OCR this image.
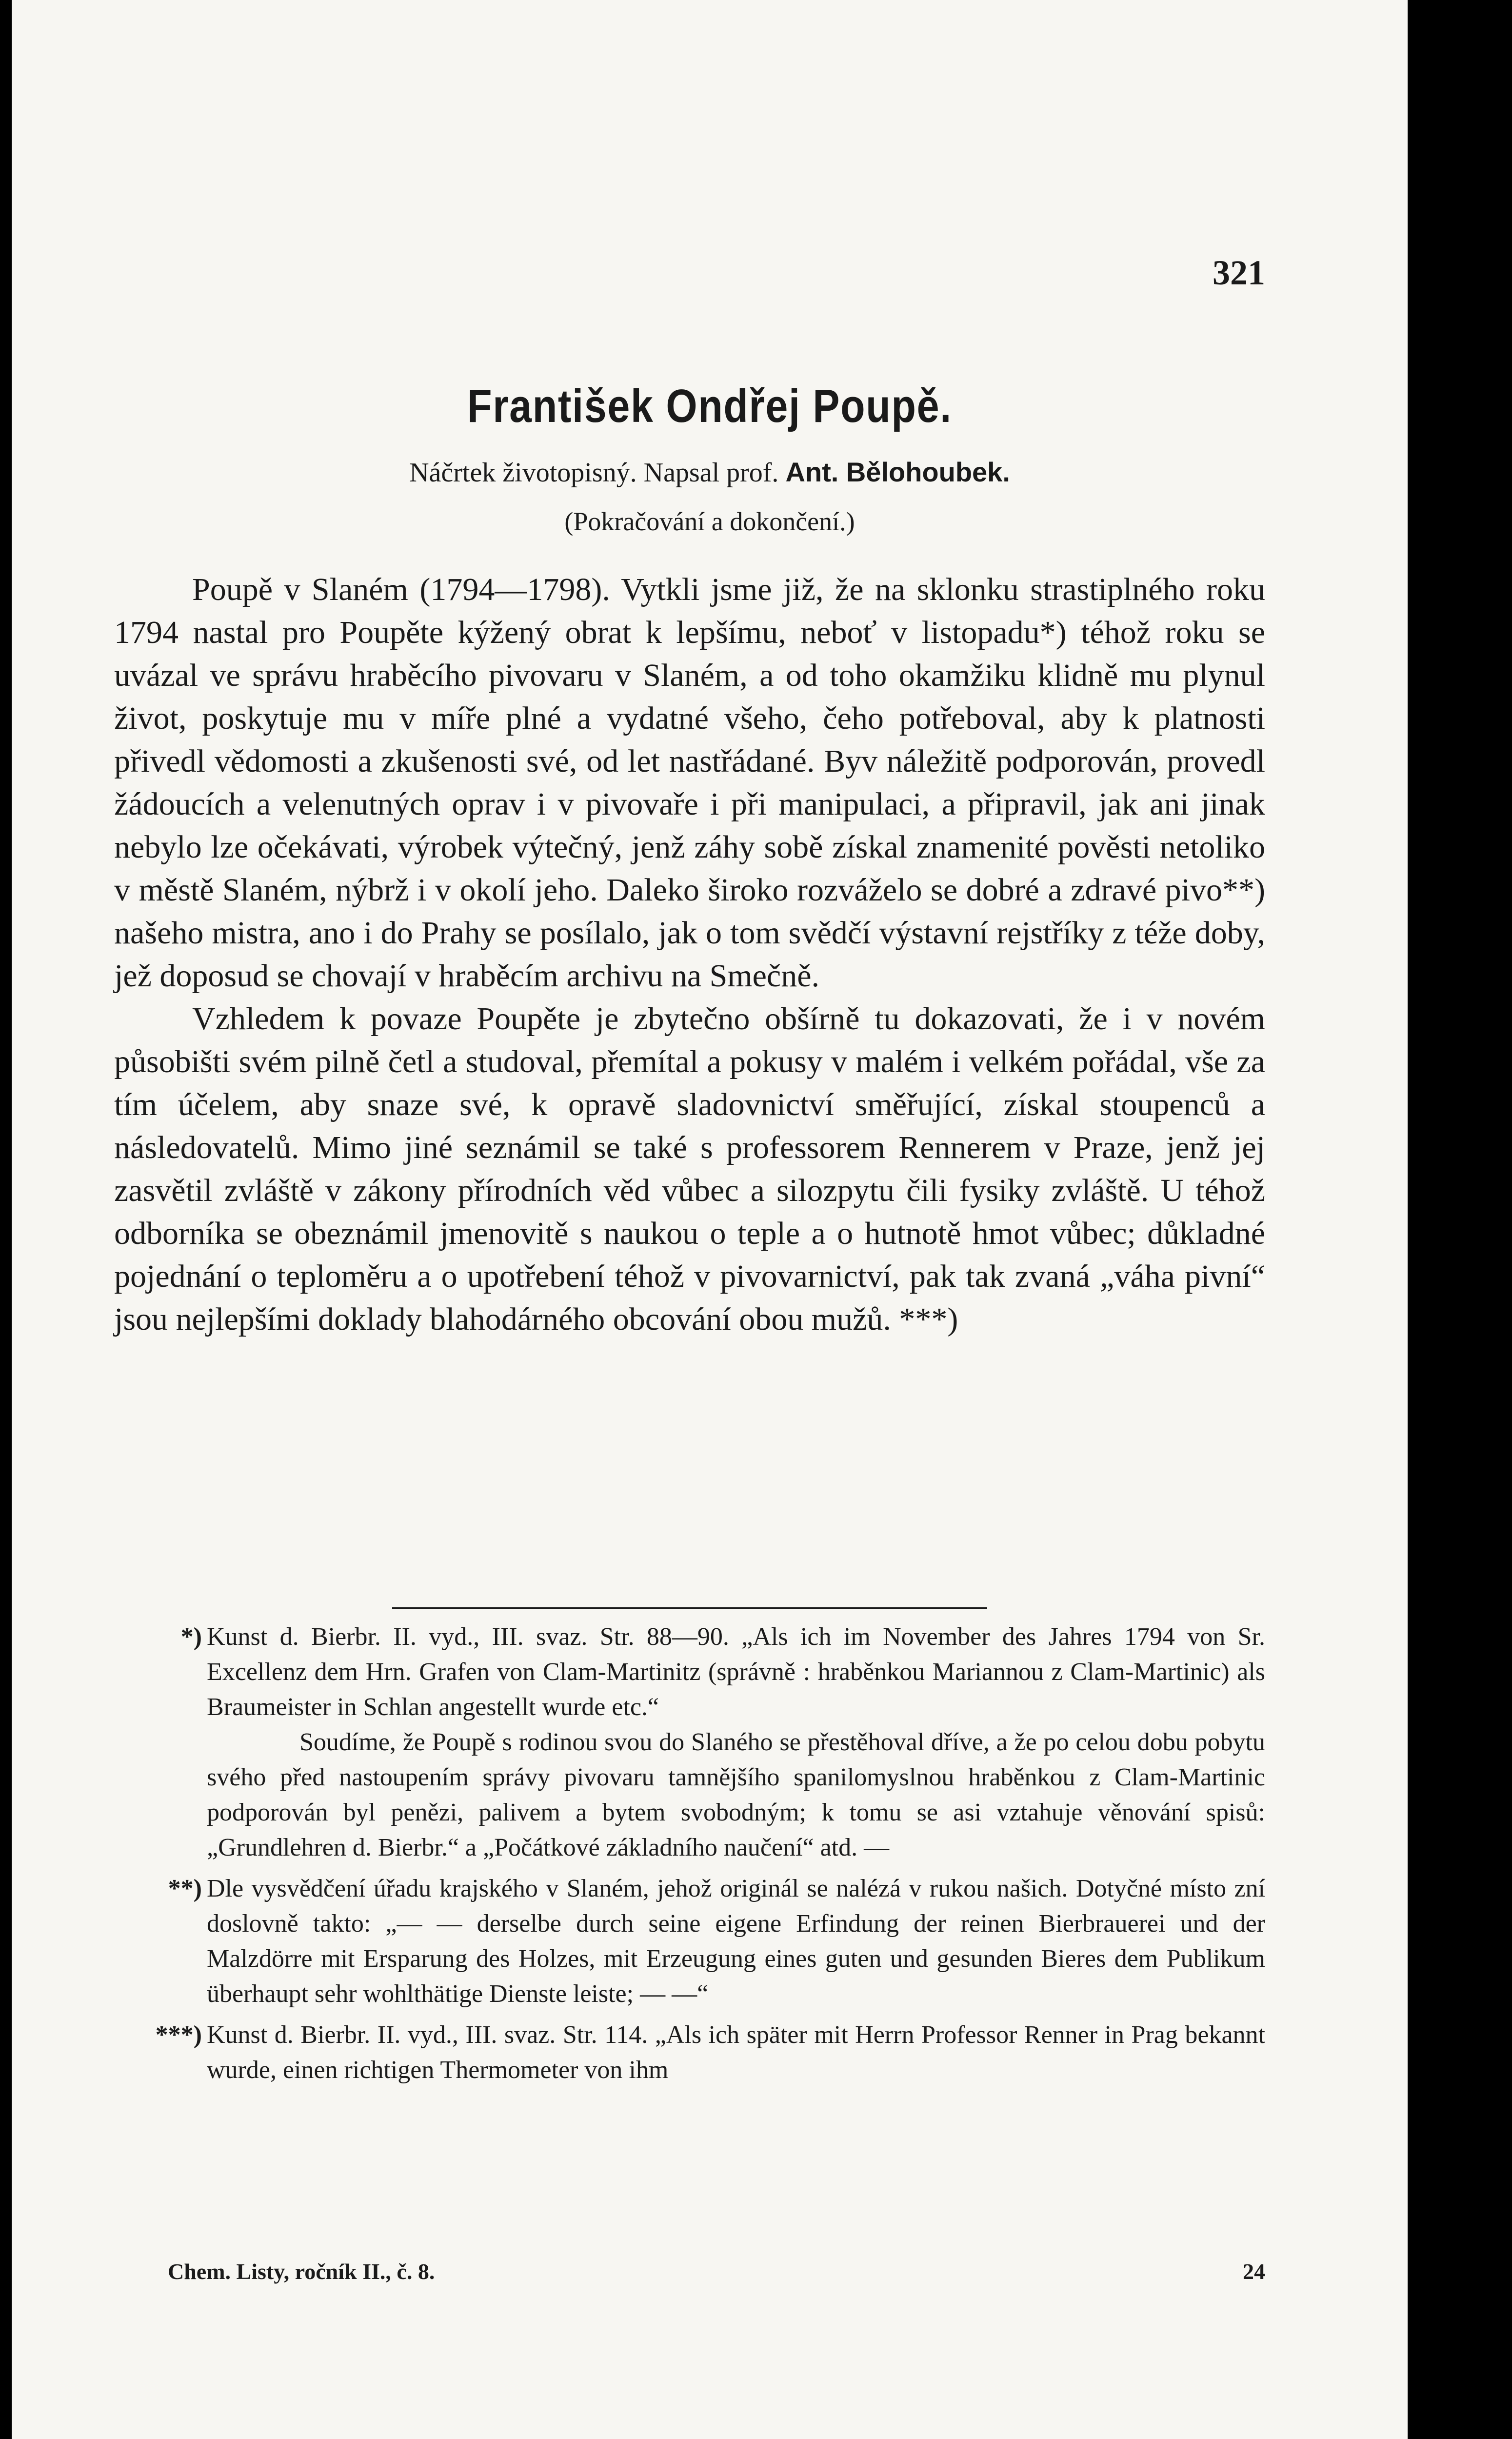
321
František Ondřej Poupě.
Náčrtek životopisný. Napsal prof. Ant. Bělohoubek.
(Pokračování a dokončení.)

Poupě v Slaném (1794—1798). Vytkli jsme již, že na sklonku strastiplného roku 1794 nastal pro Poupěte kýžený obrat k lepšímu, neboť v listopadu*) téhož roku se uvázal ve správu hraběcího pivovaru v Slaném, a od toho okamžiku klidně mu plynul život, poskytuje mu v míře plné a vydatné všeho, čeho potřeboval, aby k platnosti přivedl vědomosti a zkušenosti své, od let nastřádané. Byv náležitě podporován, provedl žádoucích a velenutných oprav i v pivovaře i při manipulaci, a připravil, jak ani jinak nebylo lze očekávati, výrobek výtečný, jenž záhy sobě získal znamenité pověsti netoliko v městě Slaném, nýbrž i v okolí jeho. Daleko široko rozváželo se dobré a zdravé pivo**) našeho mistra, ano i do Prahy se posílalo, jak o tom svědčí výstavní rejstříky z téže doby, jež doposud se chovají v hraběcím archivu na Smečně.

Vzhledem k povaze Poupěte je zbytečno obšírně tu dokazovati, že i v novém působišti svém pilně četl a studoval, přemítal a pokusy v malém i velkém pořádal, vše za tím účelem, aby snaze své, k opravě sladovnictví směřující, získal stoupenců a následovatelů. Mimo jiné seznámil se také s professorem Rennerem v Praze, jenž jej zasvětil zvláště v zákony přírodních věd vůbec a silozpytu čili fysiky zvláště. U téhož odborníka se obeznámil jmenovitě s naukou o teple a o hutnotě hmot vůbec; důkladné pojednání o teploměru a o upotřebení téhož v pivovarnictví, pak tak zvaná „váha pivní“ jsou nejlepšími doklady blahodárného obcování obou mužů. ***)

*) Kunst d. Bierbr. II. vyd., III. svaz. Str. 88—90. „Als ich im November des Jahres 1794 von Sr. Excellenz dem Hrn. Grafen von Clam-Martinitz (správně : hraběnkou Mariannou z Clam-Martinic) als Braumeister in Schlan angestellt wurde etc.“

Soudíme, že Poupě s rodinou svou do Slaného se přestěhoval dříve, a že po celou dobu pobytu svého před nastoupením správy pivovaru tamnějšího spanilomyslnou hraběnkou z Clam-Martinic podporován byl penězi, palivem a bytem svobodným; k tomu se asi vztahuje věnování spisů: „Grundlehren d. Bierbr.“ a „Počátkové základního naučení“ atd. —

**) Dle vysvědčení úřadu krajského v Slaném, jehož originál se nalézá v rukou našich. Dotyčné místo zní doslovně takto: „— — derselbe durch seine eigene Erfindung der reinen Bierbrauerei und der Malzdörre mit Ersparung des Holzes, mit Erzeugung eines guten und gesunden Bieres dem Publikum überhaupt sehr wohlthätige Dienste leiste; — —“

***) Kunst d. Bierbr. II. vyd., III. svaz. Str. 114. „Als ich später mit Herrn Professor Renner in Prag bekannt wurde, einen richtigen Thermometer von ihm

Chem. Listy, ročník II., č. 8.	24
